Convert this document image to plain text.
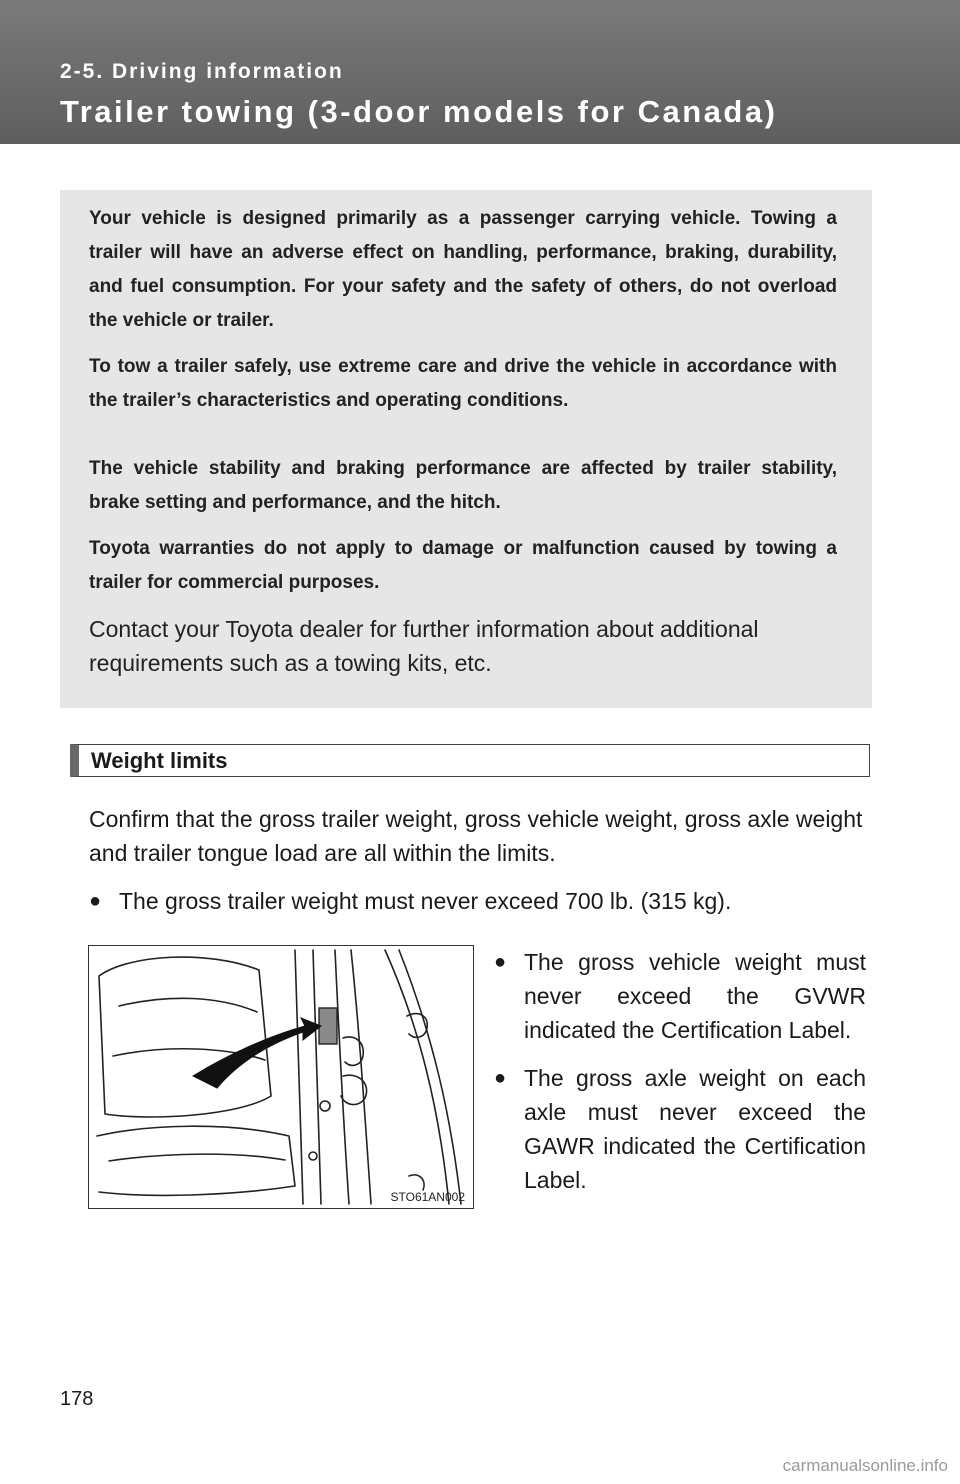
2-5. Driving information
Trailer towing (3-door models for Canada)

Your vehicle is designed primarily as a passenger carrying vehicle. Towing a trailer will have an adverse effect on handling, performance, braking, durability, and fuel consumption. For your safety and the safety of others, do not overload the vehicle or trailer.

To tow a trailer safely, use extreme care and drive the vehicle in accordance with the trailer’s characteristics and operating conditions.

The vehicle stability and braking performance are affected by trailer stability, brake setting and performance, and the hitch.

Toyota warranties do not apply to damage or malfunction caused by towing a trailer for commercial purposes.

Contact your Toyota dealer for further information about additional requirements such as a towing kits, etc.

Weight limits

Confirm that the gross trailer weight, gross vehicle weight, gross axle weight and trailer tongue load are all within the limits.

● The gross trailer weight must never exceed 700 lb. (315 kg).
STO61AN002
● The gross vehicle weight must never exceed the GVWR indicated the Certification Label.
● The gross axle weight on each axle must never exceed the GAWR indicated the Certification Label.
178
carmanualsonline.info
